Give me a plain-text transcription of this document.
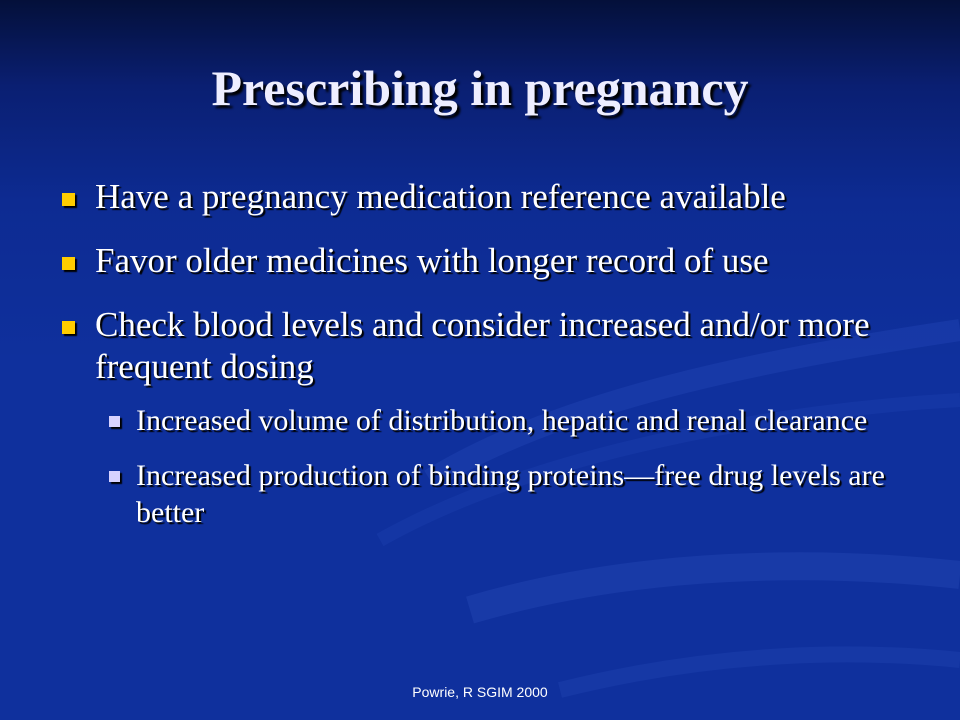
Prescribing in pregnancy
Have a pregnancy medication reference available
Favor older medicines with longer record of use
Check blood levels and consider increased and/or more frequent dosing
Increased volume of distribution, hepatic and renal clearance
Increased production of binding proteins—free drug levels are better
Powrie, R SGIM 2000
